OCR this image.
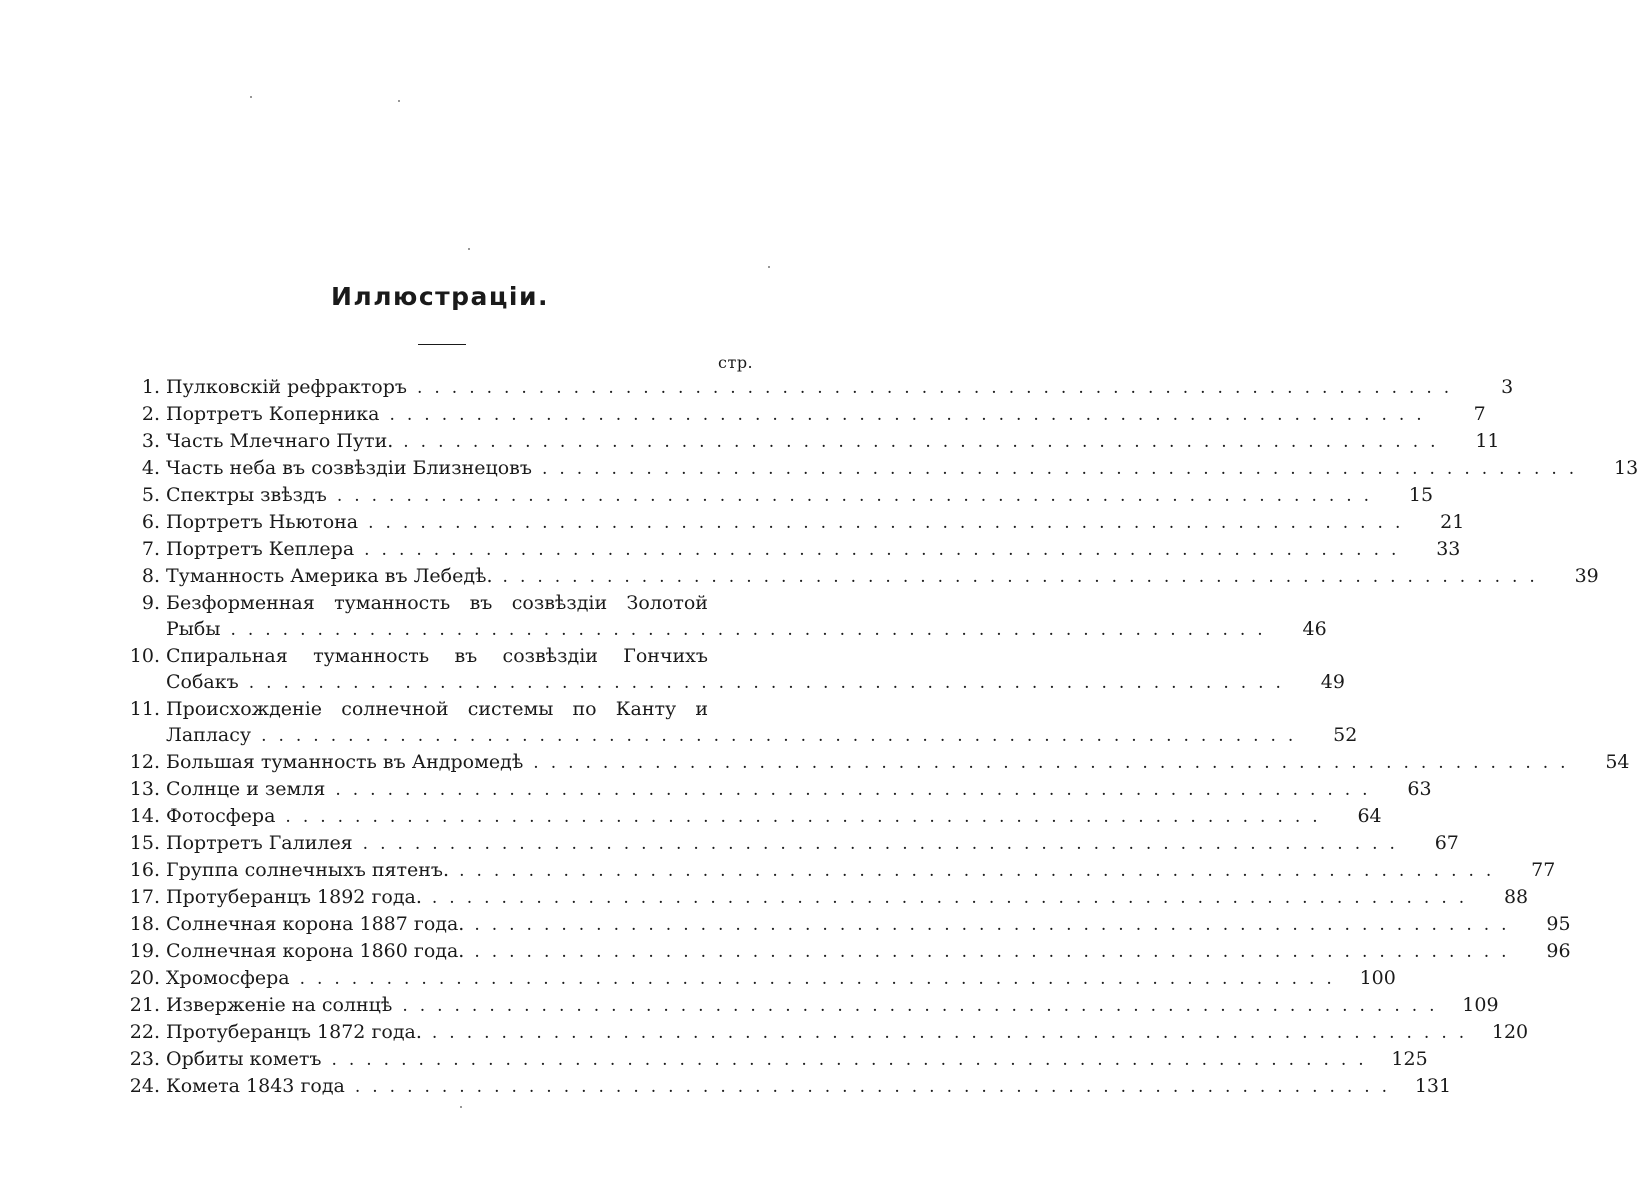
Иллюстраціи.
стр.
1. Пулковскій рефракторъ ............................................................	3
2. Портретъ Коперника ............................................................	7
3. Часть Млечнаго Пути. ............................................................	11
4. Часть неба въ созвѣздіи Близнецовъ ............................................................	13
5. Спектры звѣздъ ............................................................	15
6. Портретъ Ньютона ............................................................	21
7. Портретъ Кеплера ............................................................	33
8. Туманность Америка въ Лебедѣ. ............................................................	39
9. Безформенная туманность въ созвѣздіи Золотой
Рыбы ............................................................	46
10. Спиральная туманность въ созвѣздіи Гончихъ
Собакъ ............................................................	49
11. Происхожденіе солнечной системы по Канту и
Лапласу ............................................................	52
12. Большая туманность въ Андромедѣ ............................................................	54
13. Солнце и земля ............................................................	63
14. Фотосфера ............................................................	64
15. Портретъ Галилея ............................................................	67
16. Группа солнечныхъ пятенъ. ............................................................	77
17. Протуберанцъ 1892 года. ............................................................	88
18. Солнечная корона 1887 года. ............................................................	95
19. Солнечная корона 1860 года. ............................................................	96
20. Хромосфера ............................................................ 100
21. Изверженіе на солнцѣ ............................................................ 109
22. Протуберанцъ 1872 года. ............................................................ 120
23. Орбиты кометъ ............................................................ 125
24. Комета 1843 года ............................................................ 131
